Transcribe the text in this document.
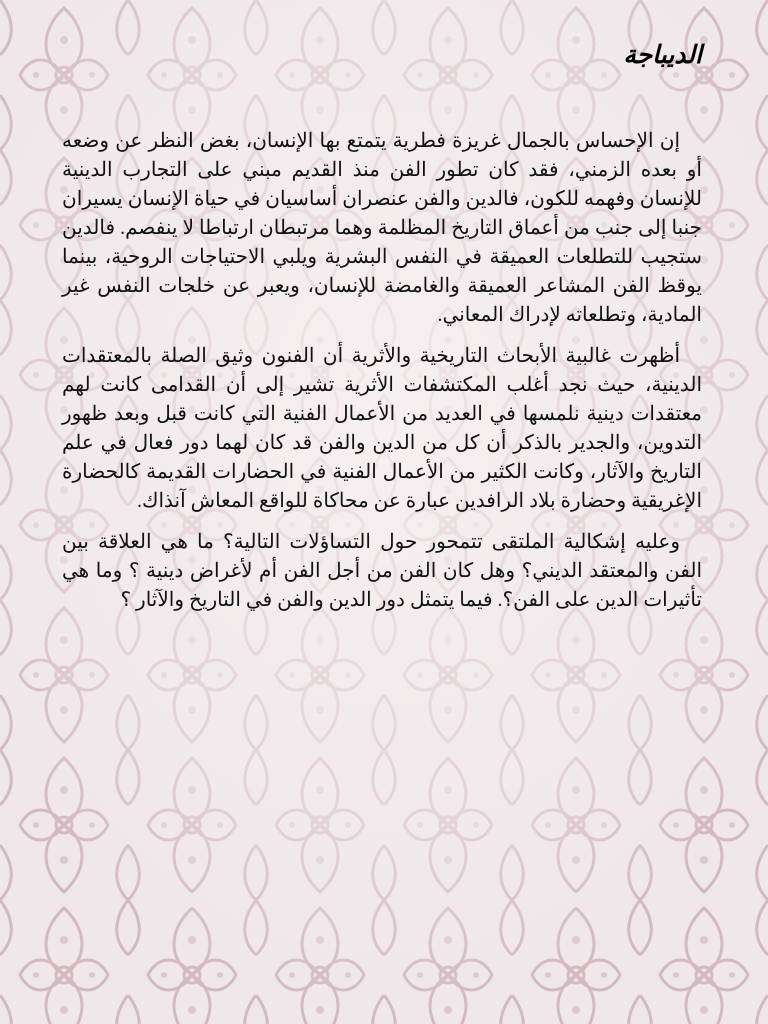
الديباجة

إن الإحساس بالجمال غريزة فطرية يتمتع بها الإنسان، بغض النظر عن وضعه أو بعده الزمني، فقد كان تطور الفن منذ القديم مبني على التجارب الدينية للإنسان وفهمه للكون، فالدين والفن عنصران أساسيان في حياة الإنسان يسيران جنبا إلى جنب من أعماق التاريخ المظلمة وهما مرتبطان ارتباطا لا ينفصم. فالدين ستجيب للتطلعات العميقة في النفس البشرية ويلبي الاحتياجات الروحية، بينما يوقظ الفن المشاعر العميقة والغامضة للإنسان، ويعبر عن خلجات النفس غير المادية، وتطلعاته لإدراك المعاني.

أظهرت غالبية الأبحاث التاريخية والأثرية أن الفنون وثيق الصلة بالمعتقدات الدينية، حيث نجد أغلب المكتشفات الأثرية تشير إلى أن القدامى كانت لهم معتقدات دينية نلمسها في العديد من الأعمال الفنية التي كانت قبل وبعد ظهور التدوين، والجدير بالذكر أن كل من الدين والفن قد كان لهما دور فعال في علم التاريخ والآثار، وكانت الكثير من الأعمال الفنية في الحضارات القديمة كالحضارة الإغريقية وحضارة بلاد الرافدين عبارة عن محاكاة للواقع المعاش آنذاك.

وعليه إشكالية الملتقى تتمحور حول التساؤلات التالية؟ ما هي العلاقة بين الفن والمعتقد الديني؟ وهل كان الفن من أجل الفن أم لأغراض دينية ؟ وما هي تأثيرات الدين على الفن؟. فيما يتمثل دور الدين والفن في التاريخ والآثار ؟
